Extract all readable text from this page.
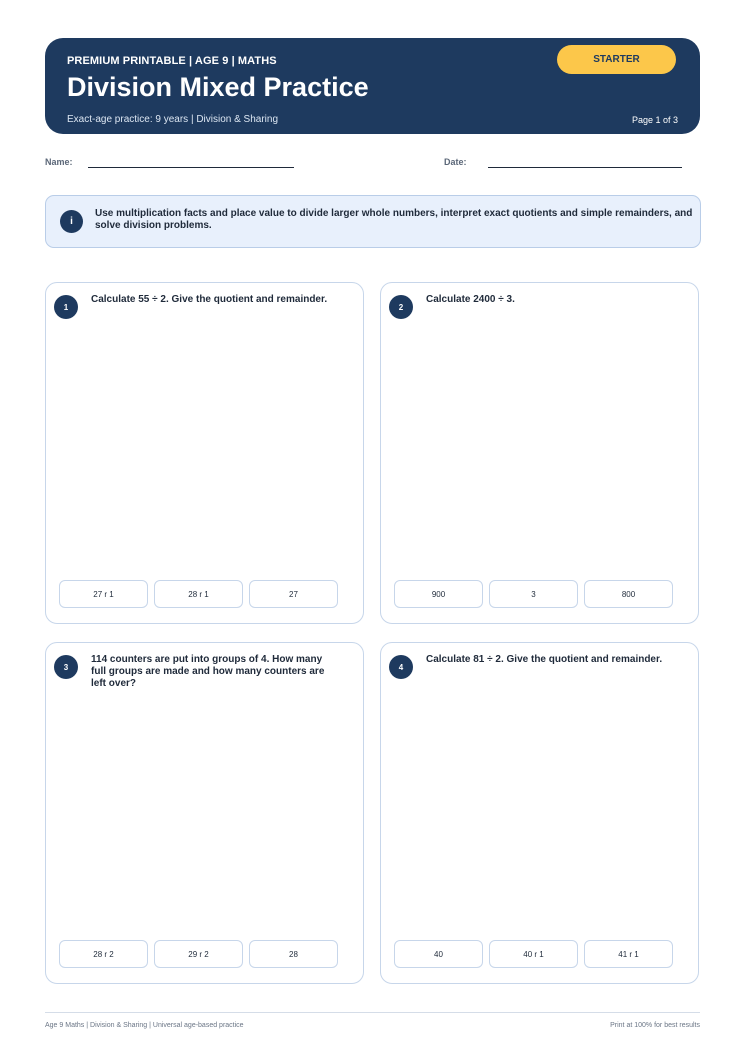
PREMIUM PRINTABLE | AGE 9 | MATHS
Division Mixed Practice
Exact-age practice: 9 years | Division & Sharing
STARTER
Page 1 of 3
Name:	Date:
i
Use multiplication facts and place value to divide larger whole numbers, interpret exact quotients and simple remainders, and solve division problems.
1
Calculate 55 ÷ 2. Give the quotient and remainder.
27 r 1	28 r 1	27
2
Calculate 2400 ÷ 3.
900	3	800
3
114 counters are put into groups of 4. How many full groups are made and how many counters are left over?
28 r 2	29 r 2	28
4
Calculate 81 ÷ 2. Give the quotient and remainder.
40	40 r 1	41 r 1
Age 9 Maths | Division & Sharing | Universal age-based practice	Print at 100% for best results
